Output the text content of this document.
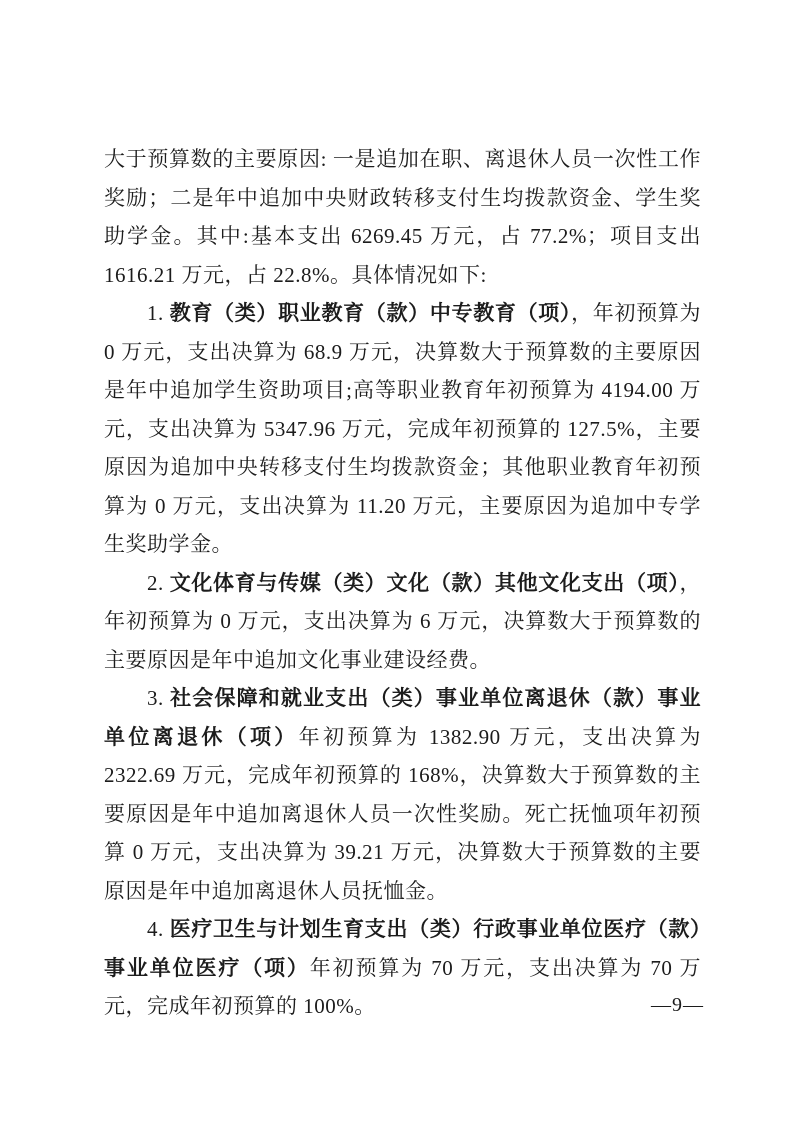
大于预算数的主要原因: 一是追加在职、离退休人员一次性工作奖励；二是年中追加中央财政转移支付生均拨款资金、学生奖助学金。其中:基本支出 6269.45 万元，占 77.2%；项目支出 1616.21 万元，占 22.8%。具体情况如下:

1. 教育（类）职业教育（款）中专教育（项），年初预算为 0 万元，支出决算为 68.9 万元，决算数大于预算数的主要原因是年中追加学生资助项目;高等职业教育年初预算为 4194.00 万元，支出决算为 5347.96 万元，完成年初预算的 127.5%，主要原因为追加中央转移支付生均拨款资金；其他职业教育年初预算为 0 万元，支出决算为 11.20 万元，主要原因为追加中专学生奖助学金。

2. 文化体育与传媒（类）文化（款）其他文化支出（项），年初预算为 0 万元，支出决算为 6 万元，决算数大于预算数的主要原因是年中追加文化事业建设经费。

3. 社会保障和就业支出（类）事业单位离退休（款）事业单位离退休（项）年初预算为 1382.90 万元，支出决算为 2322.69 万元，完成年初预算的 168%，决算数大于预算数的主要原因是年中追加离退休人员一次性奖励。死亡抚恤项年初预算 0 万元，支出决算为 39.21 万元，决算数大于预算数的主要原因是年中追加离退休人员抚恤金。

4. 医疗卫生与计划生育支出（类）行政事业单位医疗（款）事业单位医疗（项）年初预算为 70 万元，支出决算为 70 万元，完成年初预算的 100%。	—9—
